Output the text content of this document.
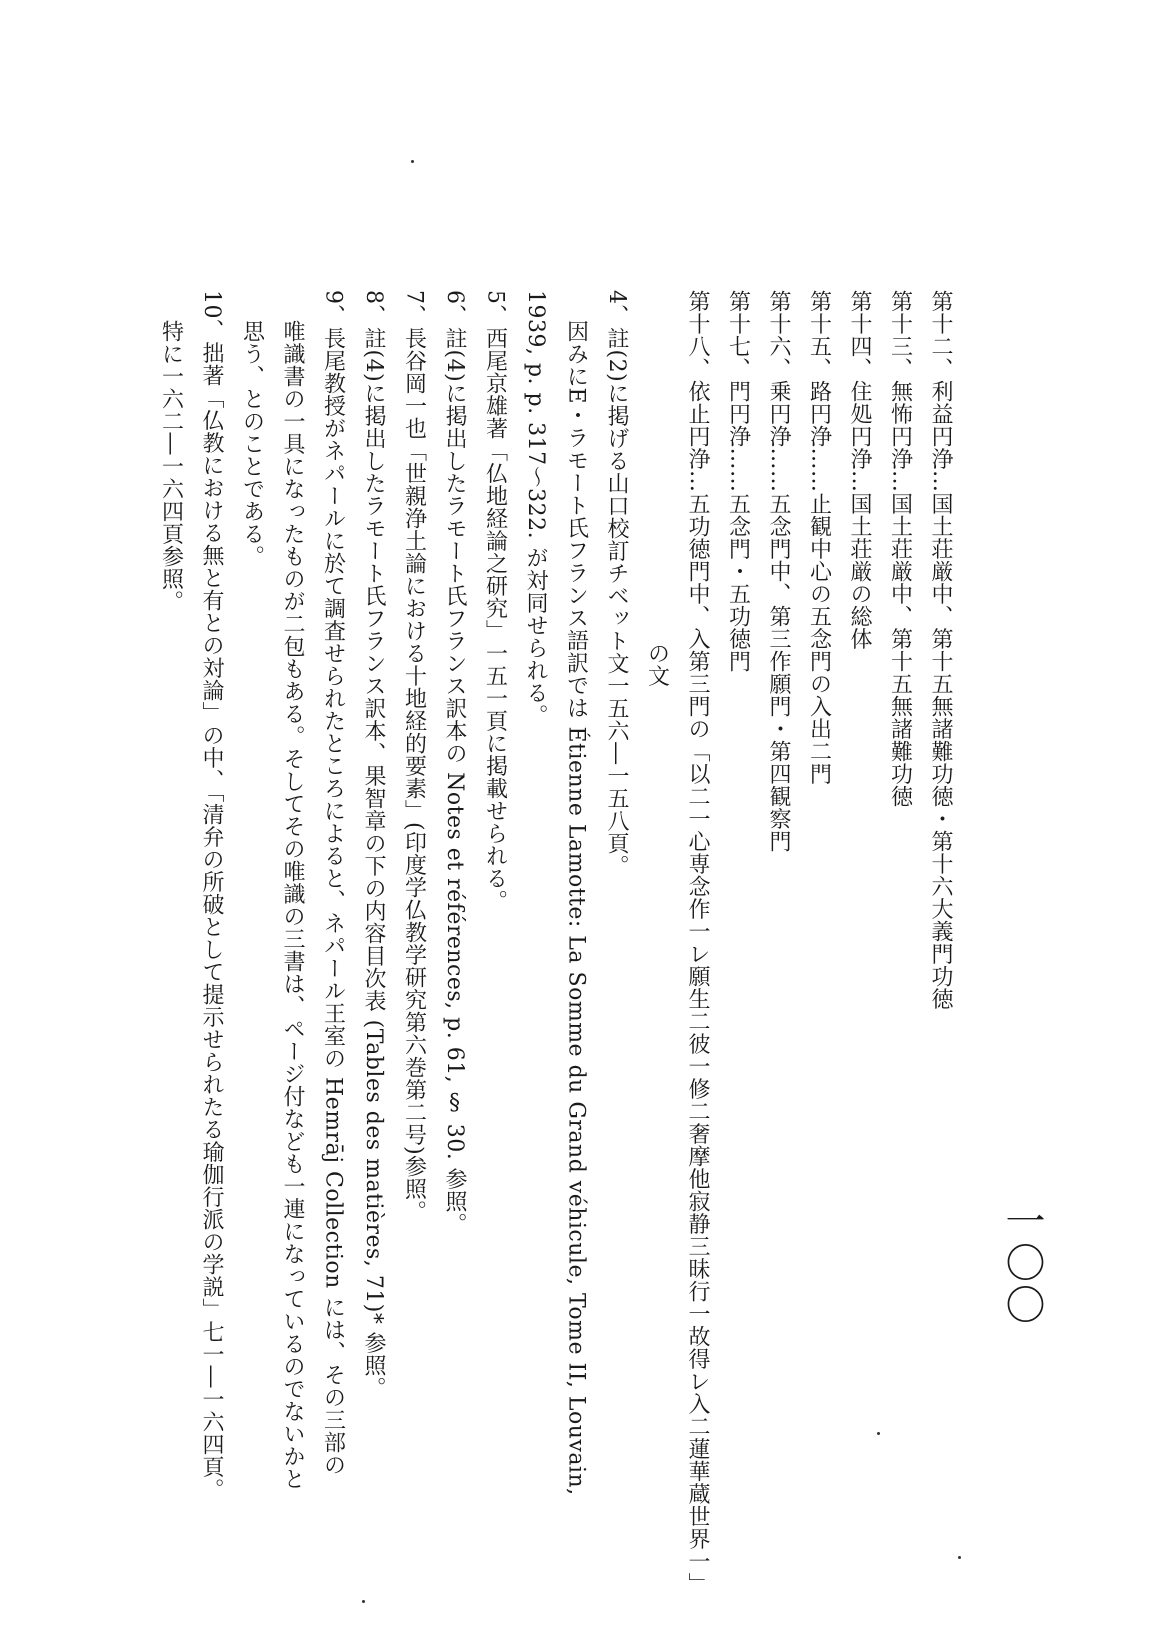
一〇〇
第十二、利益円浄…国土荘厳中、第十五無諸難功徳・第十六大義門功徳
第十三、無怖円浄…国土荘厳中、第十五無諸難功徳
第十四、住処円浄…国土荘厳の総体
第十五、路円浄……止観中心の五念門の入出二門
第十六、乗円浄……五念門中、第三作願門・第四観察門
第十七、門円浄……五念門・五功徳門
第十八、依止円浄…五功徳門中、入第三門の「以二一心専念作一レ願生二彼一修二奢摩他寂静三昧行一故得レ入二蓮華蔵世界一」
の文
4、註(2)に掲げる山口校訂チベット文一五六―一五八頁。
因みにE・ラモート氏フランス語訳では Étienne Lamotte: La Somme du Grand véhicule, Tome II, Louvain,
1939, p. p. 317～322. が対同せられる。
5、西尾京雄著「仏地経論之研究」一五一頁に掲載せられる。
6、註(4)に掲出したラモート氏フランス訳本の Notes et références, p. 61, § 30. 参照。
7、長谷岡一也「世親浄土論における十地経的要素」(印度学仏教学研究第六巻第二号)参照。
8、註(4)に掲出したラモート氏フランス訳本、果智章の下の内容目次表 (Tables des matières, 71)* 参照。
9、長尾教授がネパールに於て調査せられたところによると、ネパール王室の Hemrāj Collection には、その三部の
唯識書の一具になったものが二包もある。そしてその唯識の三書は、ページ付なども一連になっているのでないかと
思う、とのことである。
10、拙著「仏教における無と有との対論」の中、「清弁の所破として提示せられたる瑜伽行派の学説」七一―一六四頁。
特に一六二―一六四頁参照。
